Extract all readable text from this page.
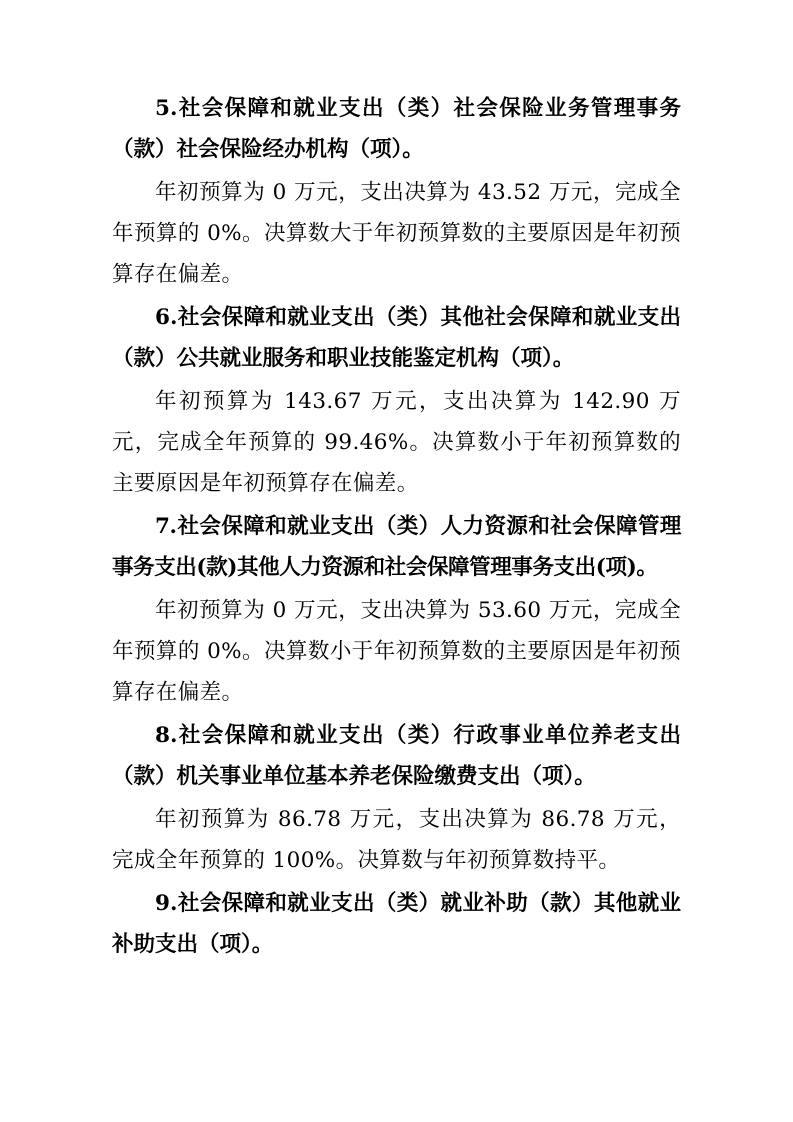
5.社会保障和就业支出（类）社会保险业务管理事务（款）社会保险经办机构（项）。

年初预算为 0 万元，支出决算为 43.52 万元，完成全年预算的 0%。决算数大于年初预算数的主要原因是年初预算存在偏差。

6.社会保障和就业支出（类）其他社会保障和就业支出（款）公共就业服务和职业技能鉴定机构（项）。

年初预算为 143.67 万元，支出决算为 142.90 万元，完成全年预算的 99.46%。决算数小于年初预算数的主要原因是年初预算存在偏差。

7.社会保障和就业支出（类）人力资源和社会保障管理事务支出(款)其他人力资源和社会保障管理事务支出(项)。

年初预算为 0 万元，支出决算为 53.60 万元，完成全年预算的 0%。决算数小于年初预算数的主要原因是年初预算存在偏差。

8.社会保障和就业支出（类）行政事业单位养老支出（款）机关事业单位基本养老保险缴费支出（项）。

年初预算为 86.78 万元，支出决算为 86.78 万元，完成全年预算的 100%。决算数与年初预算数持平。

9.社会保障和就业支出（类）就业补助（款）其他就业补助支出（项）。
